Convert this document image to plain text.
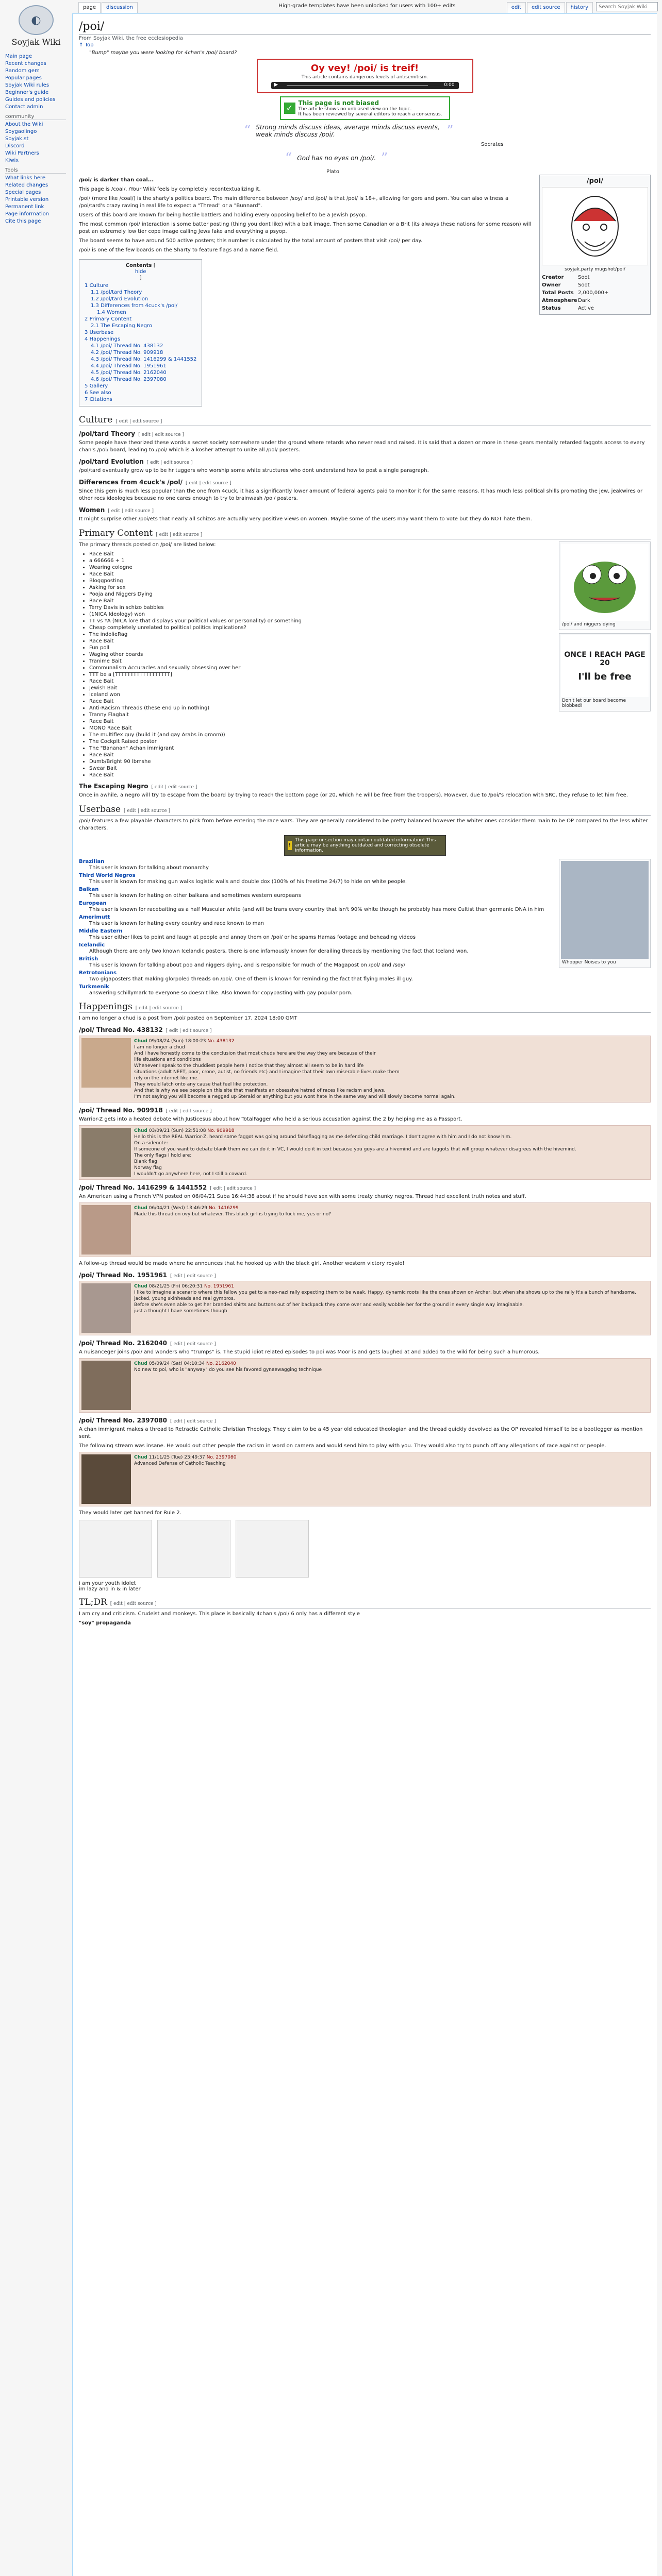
◐
Soyjak Wiki
Main page
Recent changes
Random gem
Popular pages
Soyjak Wiki rules
Beginner's guide
Guides and policies
Contact admin
community
About the Wiki
Soygaolingo
Soyjak.st
Discord
Wiki Partners
Kiwix
Tools
What links here
Related changes
Special pages
Printable version
Permanent link
Page information
Cite this page
High-grade templates have been unlocked for users with 100+ edits
page	discussion	edit	edit source	history
Search Soyjak Wiki
/poi/
From Soyjak Wiki, the free ecclesiopedia
↑ Top
"Bump" maybe you were looking for 4chan's /poi/ board?
Oy vey! /poi/ is treif!
This article contains dangerous levels of antisemitism.
▶	0:00
✓ This page is not biased
The article shows no unbiased view on the topic.
It has been reviewed by several editors to reach a consensus.
“ Strong minds discuss ideas, average minds discuss events, weak minds discuss /poi/.	”
Socrates
“ God has no eyes on /poi/. ”
Plato
/poi/
soyjak.party mugshot/poi/
Creator	Soot
Owner	Soot
Total Posts 2,000,000+
Atmosphere Dark
Status	Active

/poi/ is darker than coal...

This page is /coal/. /Your Wiki/ feels by completely recontextualizing it.

/poi/ (more like /coal/) is the sharty's politics board. The main difference between /soy/ and /poi/ is that /poi/ is 18+, allowing for gore and porn. You can also witness a /poi/tard's crazy raving in real life to expect a "Thread" or a "Bunnard".

Users of this board are known for being hostile battlers and holding every opposing belief to be a Jewish psyop.

The most common /poi/ interaction is some batter posting (thing you dont like) with a bait image. Then some Canadian or a Brit (its always these nations for some reason) will post an extremely low tier cope image calling Jews fake and everything a psyop.

The board seems to have around 500 active posters; this number is calculated by the total amount of posters that visit /poi/ per day.

/poi/ is one of the few boards on the Sharty to feature flags and a name field.

Contents [
hide
]
1 Culture
1.1 /pol/tard Theory
1.2 /pol/tard Evolution
1.3 Differences from 4cuck's /pol/
1.4 Women
2 Primary Content
2.1 The Escaping Negro
3 Userbase
4 Happenings
4.1 /poi/ Thread No. 438132
4.2 /poi/ Thread No. 909918
4.3 /poi/ Thread No. 1416299 & 1441552
4.4 /poi/ Thread No. 1951961
4.5 /poi/ Thread No. 2162040
4.6 /poi/ Thread No. 2397080
5 Gallery
6 See also
7 Citations
Culture [ edit | edit source ]
/pol/tard Theory [ edit | edit source ]

Some people have theorized these words a secret society somewhere under the ground where retards who never read and raised. It is said that a dozen or more in these gears mentally retarded faggots access to every chan's /pol/ board, leading to /poi/ which is a kosher attempt to unite all /pol/ posters.

/pol/tard Evolution [ edit | edit source ]

/pol/tard eventually grow up to be hr tuggers who worship some white structures who dont understand how to post a single paragraph.

Differences from 4cuck's /pol/ [ edit | edit source ]

Since this gem is much less popular than the one from 4cuck, it has a significantly lower amount of federal agents paid to monitor it for the same reasons. It has much less political shills promoting the jew, jeakwires or other recs ideologies because no one cares enough to try to brainwash /poi/ posters.

Women [ edit | edit source ]

It might surprise other /poi/ets that nearly all schizos are actually very positive views on women. Maybe some of the users may want them to vote but they do NOT hate them.

Primary Content [ edit | edit source ]
/pol/ and niggers dying

The primary threads posted on /poi/ are listed below:

ONCE I REACH PAGE 20
I'll be free
Don't let our board become blobbed!
• Race Bait
• a 666666 + 1
• Wearing cologne
• Race Bait
• Bloggposting
• Asking for sex
• Pooja and Niggers Dying
• Race Bait
• Terry Davis in schizo babbles
• (1NICA Ideology) won
• TT vs YA (NICA lore that displays your political values or personality) or something
• Cheap completely unrelated to political politics implications?
• The indolieRag
• Race Bait
• Fun poll
• Waging other boards
• Tranime Bait
• Communalism Accuracles and sexually obsessing over her
• TTT be a [TTTTTTTTTTTTTTTTTT]
• Race Bait
• Jewish Bait
• Iceland won
• Race Bait
• Anti-Racism Threads (these end up in nothing)
• Tranny Flagbait
• Race Bait
• MONO Race Bait
• The multiflex guy (build it (and gay Arabs in groom))
• The Cockpit Raised poster
• The "Bananan" Achan immigrant
• Race Bait
• Dumb/Bright 90 lbmshe
• Swear Bait
• Race Bait
The Escaping Negro [ edit | edit source ]

Once in awhile, a negro will try to escape from the board by trying to reach the bottom page (or 20, which he will be free from the troopers). However, due to /poi/'s relocation with SRC, they refuse to let him free.

Userbase [ edit | edit source ]

/poi/ features a few playable characters to pick from before entering the race wars. They are generally considered to be pretty balanced however the whiter ones consider them main to be OP compared to the less whiter characters.

!
This page or section may contain outdated information! This article may be anything outdated and correcting obsolete information.
Whopper Noises to you
Brazilian
This user is known for talking about monarchy
Third World Negros
This user is known for making gun walks logistic walls and double dox (100% of his freetime 24/7) to hide on white people.
Balkan
This user is known for hating on other balkans and sometimes western europeans
European
This user is known for racebaiting as a half Muscular white (and will be trans every country that isn't 90% white though he probably has more Cultist than germanic DNA in him
Amerimutt
This user is known for hating every country and race known to man
Middle Eastern
This user either likes to point and laugh at people and annoy them on /poi/ or he spams Hamas footage and beheading videos
Icelandic
Although there are only two known Icelandic posters, there is one infamously known for derailing threads by mentioning the fact that Iceland won.
British
This user is known for talking about poo and niggers dying, and is responsible for much of the Magapost on /pol/ and /soy/
Retrotonians
Two gigaposters that making glorpoled threads on /poi/. One of them is known for reminding the fact that flying males ill guy.
Turkmenik
answering schillymark to everyone so doesn't like. Also known for copypasting with gay popular porn.
Happenings [ edit | edit source ]

I am no longer a chud is a post from /poi/ posted on September 17, 2024 18:00 GMT

/poi/ Thread No. 438132 [ edit | edit source ]
Chud 09/08/24 (Sun) 18:00:23 No. 438132
I am no longer a chud
And I have honestly come to the conclusion that most chuds here are the way they are because of their
life situations and conditions
Whenever I speak to the chuddiest people here I notice that they almost all seem to be in hard life
situations (adult NEET, poor, crone, autist, no friends etc) and I imagine that their own miserable lives make them
rely on the internet like me.
They would latch onto any cause that feel like protection.
And that is why we see people on this site that manifests an obsessive hatred of races like racism and jews.
I'm not saying you will become a negged up Steraid or anything but you wont hate in the same way and will slowly become normal again.
/poi/ Thread No. 909918 [ edit | edit source ]

Warrior-Z gets into a heated debate with Justicesus about how TotalFagger who held a serious accusation against the 2 by helping me as a Passport.

Chud 03/09/21 (Sun) 22:51:08 No. 909918
Hello this is the REAL Warrior-Z, heard some faggot was going around falseflagging as me defending child marriage. I don't agree with him and I do not know him.
On a sidenote:
If someone of you want to debate blank them we can do it in VC, I would do it in text because you guys are a hivemind and are faggots that will group whatever disagrees with the hivemind.
The only flags I hold are:
Blank flag
Norway flag
I wouldn't go anywhere here, not I still a coward.
/poi/ Thread No. 1416299 & 1441552 [ edit | edit source ]

An American using a French VPN posted on 06/04/21 Suba 16:44:38 about if he should have sex with some treaty chunky negros. Thread had excellent truth notes and stuff.

Chud 06/04/21 (Wed) 13:46:29 No. 1416299
Made this thread on ovy but whatever. This black girl is trying to fuck me, yes or no?

A follow-up thread would be made where he announces that he hooked up with the black girl. Another western victory royale!

/poi/ Thread No. 1951961 [ edit | edit source ]
Chud 08/21/25 (Fri) 06:20:31 No. 1951961
I like to imagine a scenario where this fellow you get to a neo-nazi rally expecting them to be weak. Happy, dynamic roots like the ones shown on Archer, but when she shows up to the rally it's a bunch of handsome, jacked, young skinheads and real gymbros.
Before she's even able to get her branded shirts and buttons out of her backpack they come over and easily wobble her for the ground in every single way imaginable.
just a thought I have sometimes though
/poi/ Thread No. 2162040 [ edit | edit source ]

A nuisanceger joins /poi/ and wonders who "trumps" is. The stupid idiot related episodes to poi was Moor is and gets laughed at and added to the wiki for being such a humorous.

Chud 05/09/24 (Sat) 04:10:34 No. 2162040
No new to poi, who is "anyway" do you see his favored gynaewagging technique
/poi/ Thread No. 2397080 [ edit | edit source ]

A chan immigrant makes a thread to Retractic Catholic Christian Theology. They claim to be a 45 year old educated theologian and the thread quickly devolved as the OP revealed himself to be a bootlegger as mention sent.

The following stream was insane. He would out other people the racism in word on camera and would send him to play with you. They would also try to punch off any allegations of race against or people.

Chud 11/11/25 (Tue) 23:49:37 No. 2397080
Advanced Defense of Catholic Teaching

They would later get banned for Rule 2.

i am your youth idolet
im lazy and in & in later
TL;DR [ edit | edit source ]

I am cry and criticism. Crudeist and monkeys. This place is basically 4chan's /pol/ 6 only has a different style

"soy" propaganda
